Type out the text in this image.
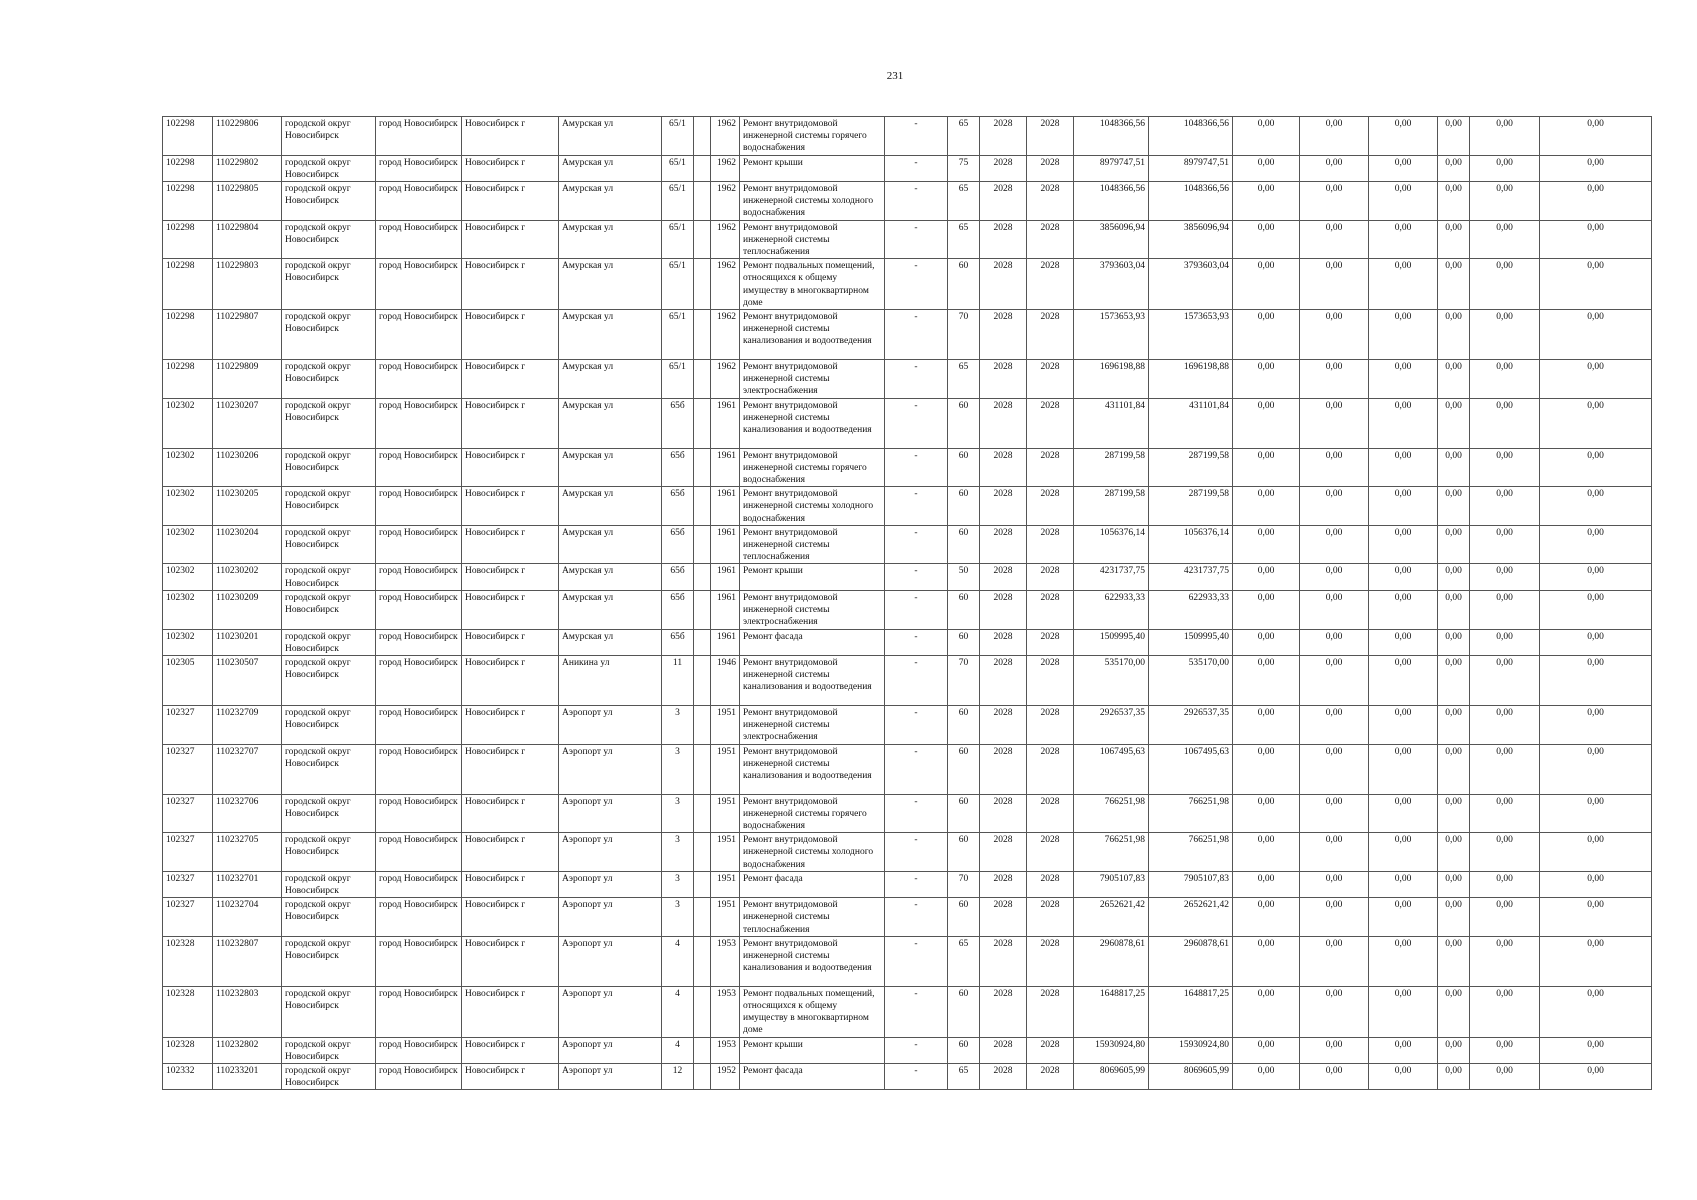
231
102298	110229806	городской округ Новосибирск	город Новосибирск	Новосибирск г	Амурская ул	65/1		1962	Ремонт внутридомовой инженерной системы горячего водоснабжения	-	65	2028	2028	1048366,56	1048366,56	0,00	0,00	0,00	0,00	0,00	0,00
102298	110229802	городской округ Новосибирск	город Новосибирск	Новосибирск г	Амурская ул	65/1		1962	Ремонт крыши	-	75	2028	2028	8979747,51	8979747,51	0,00	0,00	0,00	0,00	0,00	0,00
102298	110229805	городской округ Новосибирск	город Новосибирск	Новосибирск г	Амурская ул	65/1		1962	Ремонт внутридомовой инженерной системы холодного водоснабжения	-	65	2028	2028	1048366,56	1048366,56	0,00	0,00	0,00	0,00	0,00	0,00
102298	110229804	городской округ Новосибирск	город Новосибирск	Новосибирск г	Амурская ул	65/1		1962	Ремонт внутридомовой инженерной системы теплоснабжения	-	65	2028	2028	3856096,94	3856096,94	0,00	0,00	0,00	0,00	0,00	0,00
102298	110229803	городской округ Новосибирск	город Новосибирск	Новосибирск г	Амурская ул	65/1		1962	Ремонт подвальных помещений, относящихся к общему имуществу в многоквартирном доме	-	60	2028	2028	3793603,04	3793603,04	0,00	0,00	0,00	0,00	0,00	0,00
102298	110229807	городской округ Новосибирск	город Новосибирск	Новосибирск г	Амурская ул	65/1		1962	Ремонт внутридомовой инженерной системы канализования и водоотведения	-	70	2028	2028	1573653,93	1573653,93	0,00	0,00	0,00	0,00	0,00	0,00
102298	110229809	городской округ Новосибирск	город Новосибирск	Новосибирск г	Амурская ул	65/1		1962	Ремонт внутридомовой инженерной системы электроснабжения	-	65	2028	2028	1696198,88	1696198,88	0,00	0,00	0,00	0,00	0,00	0,00
102302	110230207	городской округ Новосибирск	город Новосибирск	Новосибирск г	Амурская ул	65б		1961	Ремонт внутридомовой инженерной системы канализования и водоотведения	-	60	2028	2028	431101,84	431101,84	0,00	0,00	0,00	0,00	0,00	0,00
102302	110230206	городской округ Новосибирск	город Новосибирск	Новосибирск г	Амурская ул	65б		1961	Ремонт внутридомовой инженерной системы горячего водоснабжения	-	60	2028	2028	287199,58	287199,58	0,00	0,00	0,00	0,00	0,00	0,00
102302	110230205	городской округ Новосибирск	город Новосибирск	Новосибирск г	Амурская ул	65б		1961	Ремонт внутридомовой инженерной системы холодного водоснабжения	-	60	2028	2028	287199,58	287199,58	0,00	0,00	0,00	0,00	0,00	0,00
102302	110230204	городской округ Новосибирск	город Новосибирск	Новосибирск г	Амурская ул	65б		1961	Ремонт внутридомовой инженерной системы теплоснабжения	-	60	2028	2028	1056376,14	1056376,14	0,00	0,00	0,00	0,00	0,00	0,00
102302	110230202	городской округ Новосибирск	город Новосибирск	Новосибирск г	Амурская ул	65б		1961	Ремонт крыши	-	50	2028	2028	4231737,75	4231737,75	0,00	0,00	0,00	0,00	0,00	0,00
102302	110230209	городской округ Новосибирск	город Новосибирск	Новосибирск г	Амурская ул	65б		1961	Ремонт внутридомовой инженерной системы электроснабжения	-	60	2028	2028	622933,33	622933,33	0,00	0,00	0,00	0,00	0,00	0,00
102302	110230201	городской округ Новосибирск	город Новосибирск	Новосибирск г	Амурская ул	65б		1961	Ремонт фасада	-	60	2028	2028	1509995,40	1509995,40	0,00	0,00	0,00	0,00	0,00	0,00
102305	110230507	городской округ Новосибирск	город Новосибирск	Новосибирск г	Аникина ул	11		1946	Ремонт внутридомовой инженерной системы канализования и водоотведения	-	70	2028	2028	535170,00	535170,00	0,00	0,00	0,00	0,00	0,00	0,00
102327	110232709	городской округ Новосибирск	город Новосибирск	Новосибирск г	Аэропорт ул	3		1951	Ремонт внутридомовой инженерной системы электроснабжения	-	60	2028	2028	2926537,35	2926537,35	0,00	0,00	0,00	0,00	0,00	0,00
102327	110232707	городской округ Новосибирск	город Новосибирск	Новосибирск г	Аэропорт ул	3		1951	Ремонт внутридомовой инженерной системы канализования и водоотведения	-	60	2028	2028	1067495,63	1067495,63	0,00	0,00	0,00	0,00	0,00	0,00
102327	110232706	городской округ Новосибирск	город Новосибирск	Новосибирск г	Аэропорт ул	3		1951	Ремонт внутридомовой инженерной системы горячего водоснабжения	-	60	2028	2028	766251,98	766251,98	0,00	0,00	0,00	0,00	0,00	0,00
102327	110232705	городской округ Новосибирск	город Новосибирск	Новосибирск г	Аэропорт ул	3		1951	Ремонт внутридомовой инженерной системы холодного водоснабжения	-	60	2028	2028	766251,98	766251,98	0,00	0,00	0,00	0,00	0,00	0,00
102327	110232701	городской округ Новосибирск	город Новосибирск	Новосибирск г	Аэропорт ул	3		1951	Ремонт фасада	-	70	2028	2028	7905107,83	7905107,83	0,00	0,00	0,00	0,00	0,00	0,00
102327	110232704	городской округ Новосибирск	город Новосибирск	Новосибирск г	Аэропорт ул	3		1951	Ремонт внутридомовой инженерной системы теплоснабжения	-	60	2028	2028	2652621,42	2652621,42	0,00	0,00	0,00	0,00	0,00	0,00
102328	110232807	городской округ Новосибирск	город Новосибирск	Новосибирск г	Аэропорт ул	4		1953	Ремонт внутридомовой инженерной системы канализования и водоотведения	-	65	2028	2028	2960878,61	2960878,61	0,00	0,00	0,00	0,00	0,00	0,00
102328	110232803	городской округ Новосибирск	город Новосибирск	Новосибирск г	Аэропорт ул	4		1953	Ремонт подвальных помещений, относящихся к общему имуществу в многоквартирном доме	-	60	2028	2028	1648817,25	1648817,25	0,00	0,00	0,00	0,00	0,00	0,00
102328	110232802	городской округ Новосибирск	город Новосибирск	Новосибирск г	Аэропорт ул	4		1953	Ремонт крыши	-	60	2028	2028	15930924,80	15930924,80	0,00	0,00	0,00	0,00	0,00	0,00
102332	110233201	городской округ Новосибирск	город Новосибирск	Новосибирск г	Аэропорт ул	12		1952	Ремонт фасада	-	65	2028	2028	8069605,99	8069605,99	0,00	0,00	0,00	0,00	0,00	0,00
